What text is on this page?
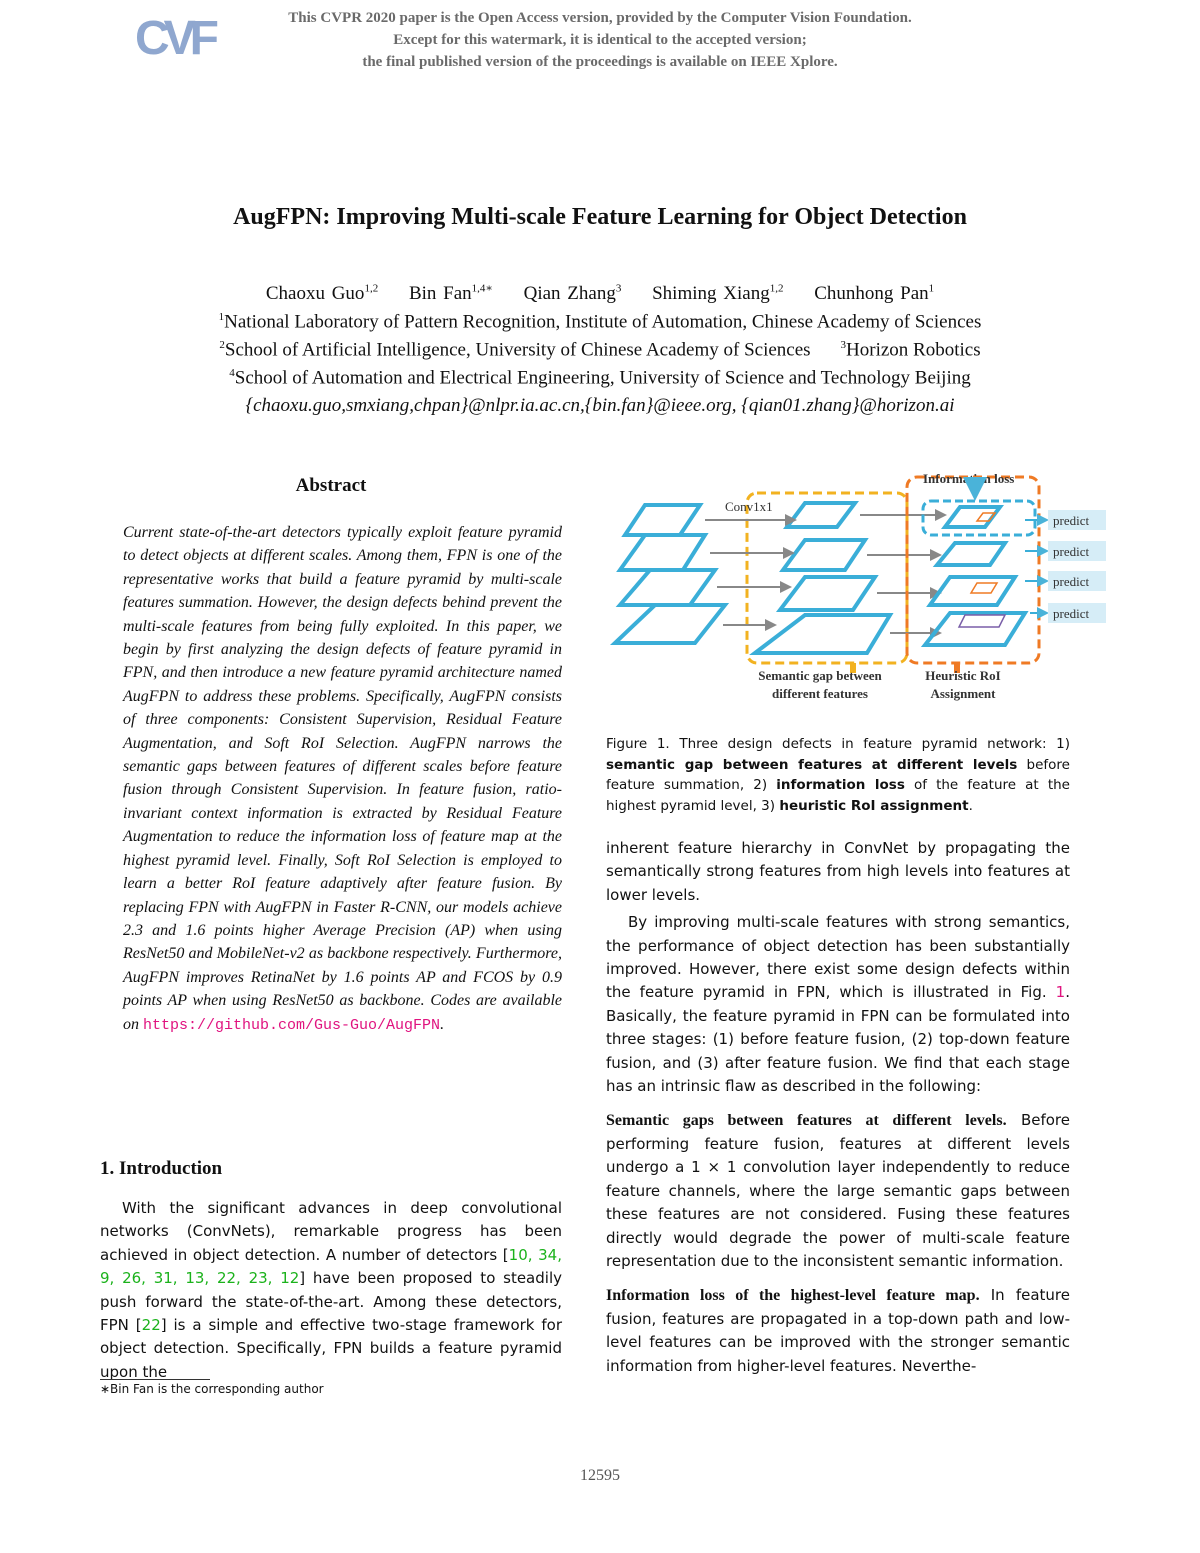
CVF	This CVPR 2020 paper is the Open Access version, provided by the Computer Vision Foundation.
Except for this watermark, it is identical to the accepted version;
the final published version of the proceedings is available on IEEE Xplore.
AugFPN: Improving Multi-scale Feature Learning for Object Detection
Chaoxu Guo$^{1,2}$ Bin Fan$^{1,4∗}$ Qian Zhang$^3$ Shiming Xiang$^{1,2}$ Chunhong Pan$^1$
$^1$National Laboratory of Pattern Recognition, Institute of Automation, Chinese Academy of Sciences
$^2$School of Artificial Intelligence, University of Chinese Academy of Sciences	$^3$Horizon Robotics
$^4$School of Automation and Electrical Engineering, University of Science and Technology Beijing
{chaoxu.guo,smxiang,chpan}@nlpr.ia.ac.cn,{bin.fan}@ieee.org, {qian01.zhang}@horizon.ai
Abstract
Current state-of-the-art detectors typically exploit feature pyramid to detect objects at different scales. Among them, FPN is one of the representative works that build a feature pyramid by multi-scale features summation. However, the design defects behind prevent the multi-scale features from being fully exploited. In this paper, we begin by first analyzing the design defects of feature pyramid in FPN, and then introduce a new feature pyramid architecture named AugFPN to address these problems. Specifically, AugFPN consists of three components: Consistent Supervision, Residual Feature Augmentation, and Soft RoI Selection. AugFPN narrows the semantic gaps between features of different scales before feature fusion through Consistent Supervision. In feature fusion, ratio-invariant context information is extracted by Residual Feature Augmentation to reduce the information loss of feature map at the highest pyramid level. Finally, Soft RoI Selection is employed to learn a better RoI feature adaptively after feature fusion. By replacing FPN with AugFPN in Faster R-CNN, our models achieve 2.3 and 1.6 points higher Average Precision (AP) when using ResNet50 and MobileNet-v2 as backbone respectively. Furthermore, AugFPN improves RetinaNet by 1.6 points AP and FCOS by 0.9 points AP when using ResNet50 as backbone. Codes are available on https://github.com/Gus-Guo/AugFPN.
1. Introduction
With the significant advances in deep convolutional networks (ConvNets), remarkable progress has been achieved in object detection. A number of detectors [10, 34, 9, 26, 31, 13, 22, 23, 12] have been proposed to steadily push forward the state-of-the-art. Among these detectors, FPN [22] is a simple and effective two-stage framework for object detection. Specifically, FPN builds a feature pyramid upon the
∗Bin Fan is the corresponding author
predict
predict
predict
predict
Conv1x1
Information loss
Semantic gap between different features
Heuristic RoI Assignment
Figure 1. Three design defects in feature pyramid network: 1) semantic gap between features at different levels before feature summation, 2) information loss of the feature at the highest pyramid level, 3) heuristic RoI assignment.

inherent feature hierarchy in ConvNet by propagating the semantically strong features from high levels into features at lower levels.

By improving multi-scale features with strong semantics, the performance of object detection has been substantially improved. However, there exist some design defects within the feature pyramid in FPN, which is illustrated in Fig. 1. Basically, the feature pyramid in FPN can be formulated into three stages: (1) before feature fusion, (2) top-down feature fusion, and (3) after feature fusion. We find that each stage has an intrinsic flaw as described in the following:

Semantic gaps between features at different levels. Before performing feature fusion, features at different levels undergo a 1 × 1 convolution layer independently to reduce feature channels, where the large semantic gaps between these features are not considered. Fusing these features directly would degrade the power of multi-scale feature representation due to the inconsistent semantic information.

Information loss of the highest-level feature map. In feature fusion, features are propagated in a top-down path and low-level features can be improved with the stronger semantic information from higher-level features. Neverthe-

12595
